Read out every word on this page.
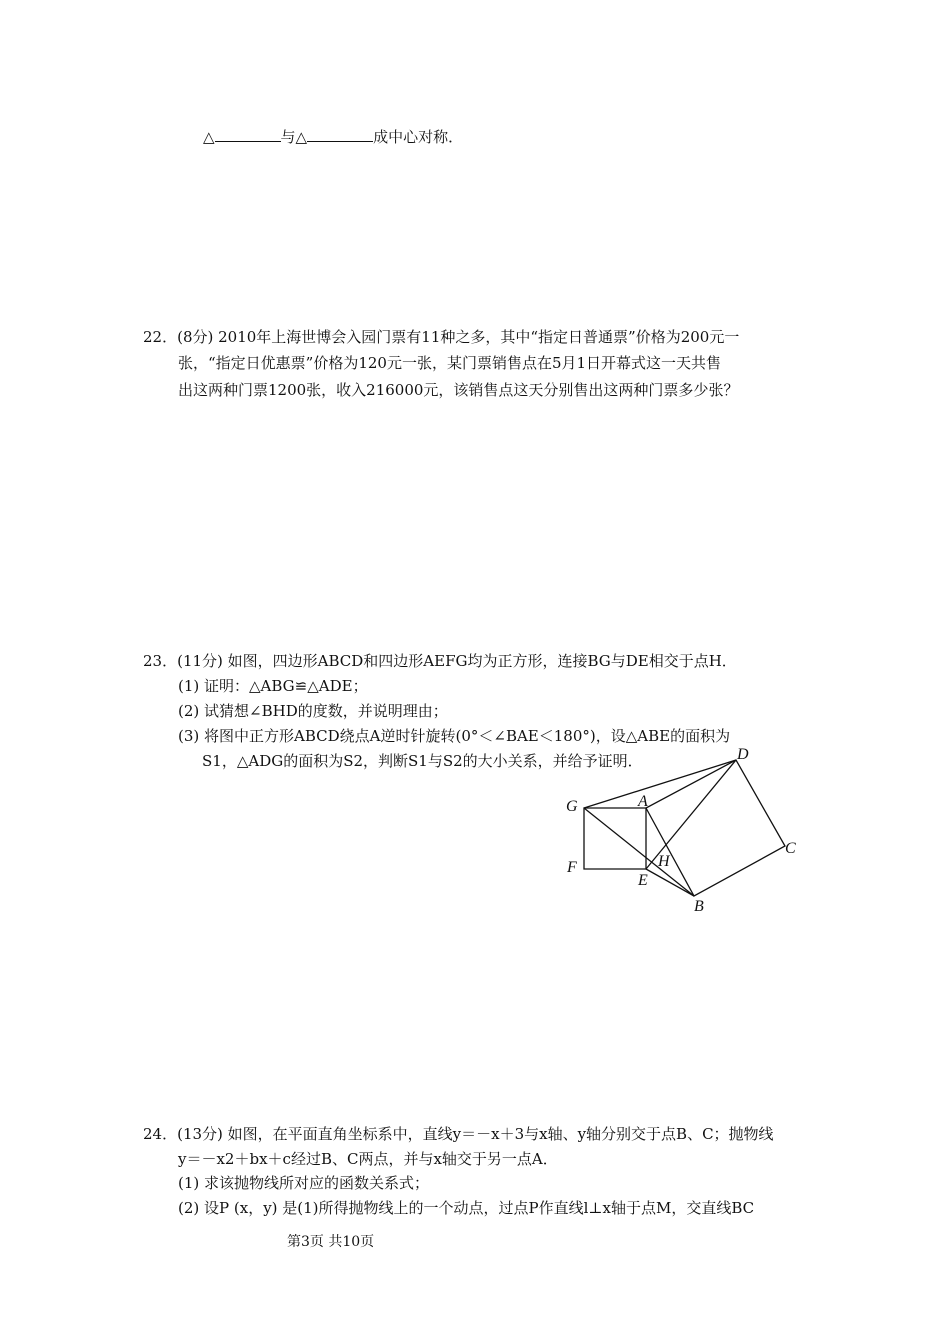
△	与△	成中心对称．
22．(8分) 2010年上海世博会入园门票有11种之多，其中“指定日普通票”价格为200元一
张，“指定日优惠票”价格为120元一张，某门票销售点在5月1日开幕式这一天共售
出这两种门票1200张，收入216000元，该销售点这天分别售出这两种门票多少张？
23．(11分) 如图，四边形ABCD和四边形AEFG均为正方形，连接BG与DE相交于点H．
(1) 证明：△ABG≌△ADE；
(2) 试猜想∠BHD的度数，并说明理由；
(3) 将图中正方形ABCD绕点A逆时针旋转(0°＜∠BAE＜180°)，设△ABE的面积为
S1，△ADG的面积为S2，判断S1与S2的大小关系，并给予证明．
A
B
C
D
E
F
G
H
24．(13分) 如图，在平面直角坐标系中，直线y＝－x＋3与x轴、y轴分别交于点B、C；抛物线
y＝－x2＋bx＋c经过B、C两点，并与x轴交于另一点A．
(1) 求该抛物线所对应的函数关系式；
(2) 设P (x，y) 是(1)所得抛物线上的一个动点，过点P作直线l⊥x轴于点M，交直线BC
第3页 共10页
